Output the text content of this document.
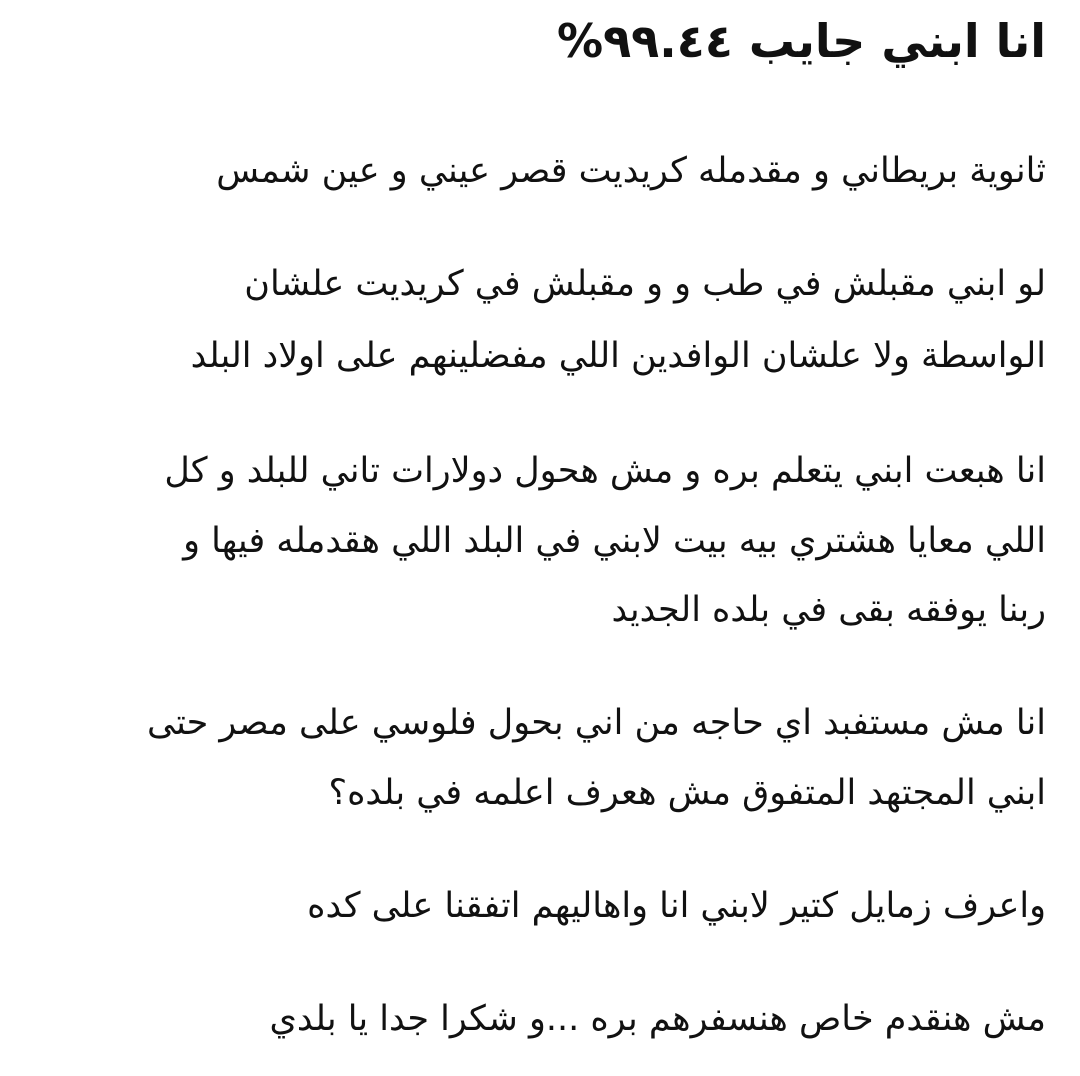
انا ابني جايب ٩٩.٤٤%

ثانوية بريطاني و مقدمله كريديت قصر عيني و عين شمس

لو ابني مقبلش في طب و و مقبلش في كريديت علشان

الواسطة ولا علشان الوافدين اللي مفضلينهم على اولاد البلد

انا هبعت ابني يتعلم بره و مش هحول دولارات تاني للبلد و كل

اللي معايا هشتري بيه بيت لابني في البلد اللي هقدمله فيها و

ربنا يوفقه بقى في بلده الجديد

انا مش مستفبد اي حاجه من اني بحول فلوسي على مصر حتى

ابني المجتهد المتفوق مش هعرف اعلمه في بلده؟

واعرف زمايل كتير لابني انا واهاليهم اتفقنا على كده

مش هنقدم خاص هنسفرهم بره ...و شكرا جدا يا بلدي
